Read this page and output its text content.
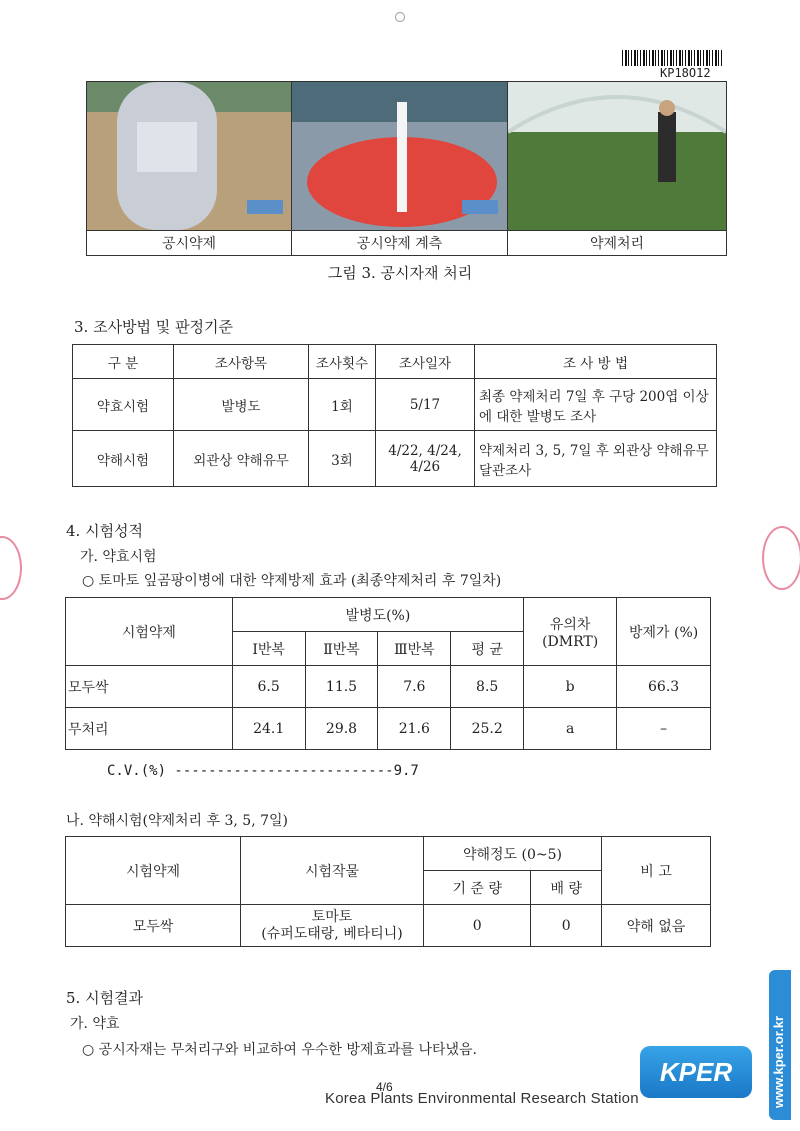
KP18O12

공시약제	공시약제 계측	약제처리
그림 3. 공시자재 처리
3. 조사방법 및 판정기준
구 분	조사항목	조사횟수	조사일자	조 사 방 법
약효시험	발병도	1회	5/17	최종 약제처리 7일 후 구당 200엽 이상에 대한 발병도 조사
약해시험	외관상 약해유무	3회	4/22, 4/24, 4/26	약제처리 3, 5, 7일 후 외관상 약해유무 달관조사
4. 시험성적
가. 약효시험
○ 토마토 잎곰팡이병에 대한 약제방제 효과 (최종약제처리 후 7일차)
시험약제	발병도(%)				유의차 (DMRT)	방제가 (%)
	Ⅰ반복	Ⅱ반복	Ⅲ반복	평 균		
모두싹	6.5	11.5	7.6	8.5	b	66.3
무처리	24.1	29.8	21.6	25.2	a	–
C.V.(%) --------------------------9.7
나. 약해시험(약제처리 후 3, 5, 7일)
시험약제	시험작물	약해정도 (0~5)		비 고
		기 준 량	배 량	
모두싹	토마토
(슈퍼도태랑, 베타티니)	0	0	약해 없음
5. 시험결과
가. 약효
○ 공시자재는 무처리구와 비교하여 우수한 방제효과를 나타냈음.
4/6
Korea Plants Environmental Research Station
KPER	www.kper.or.kr
